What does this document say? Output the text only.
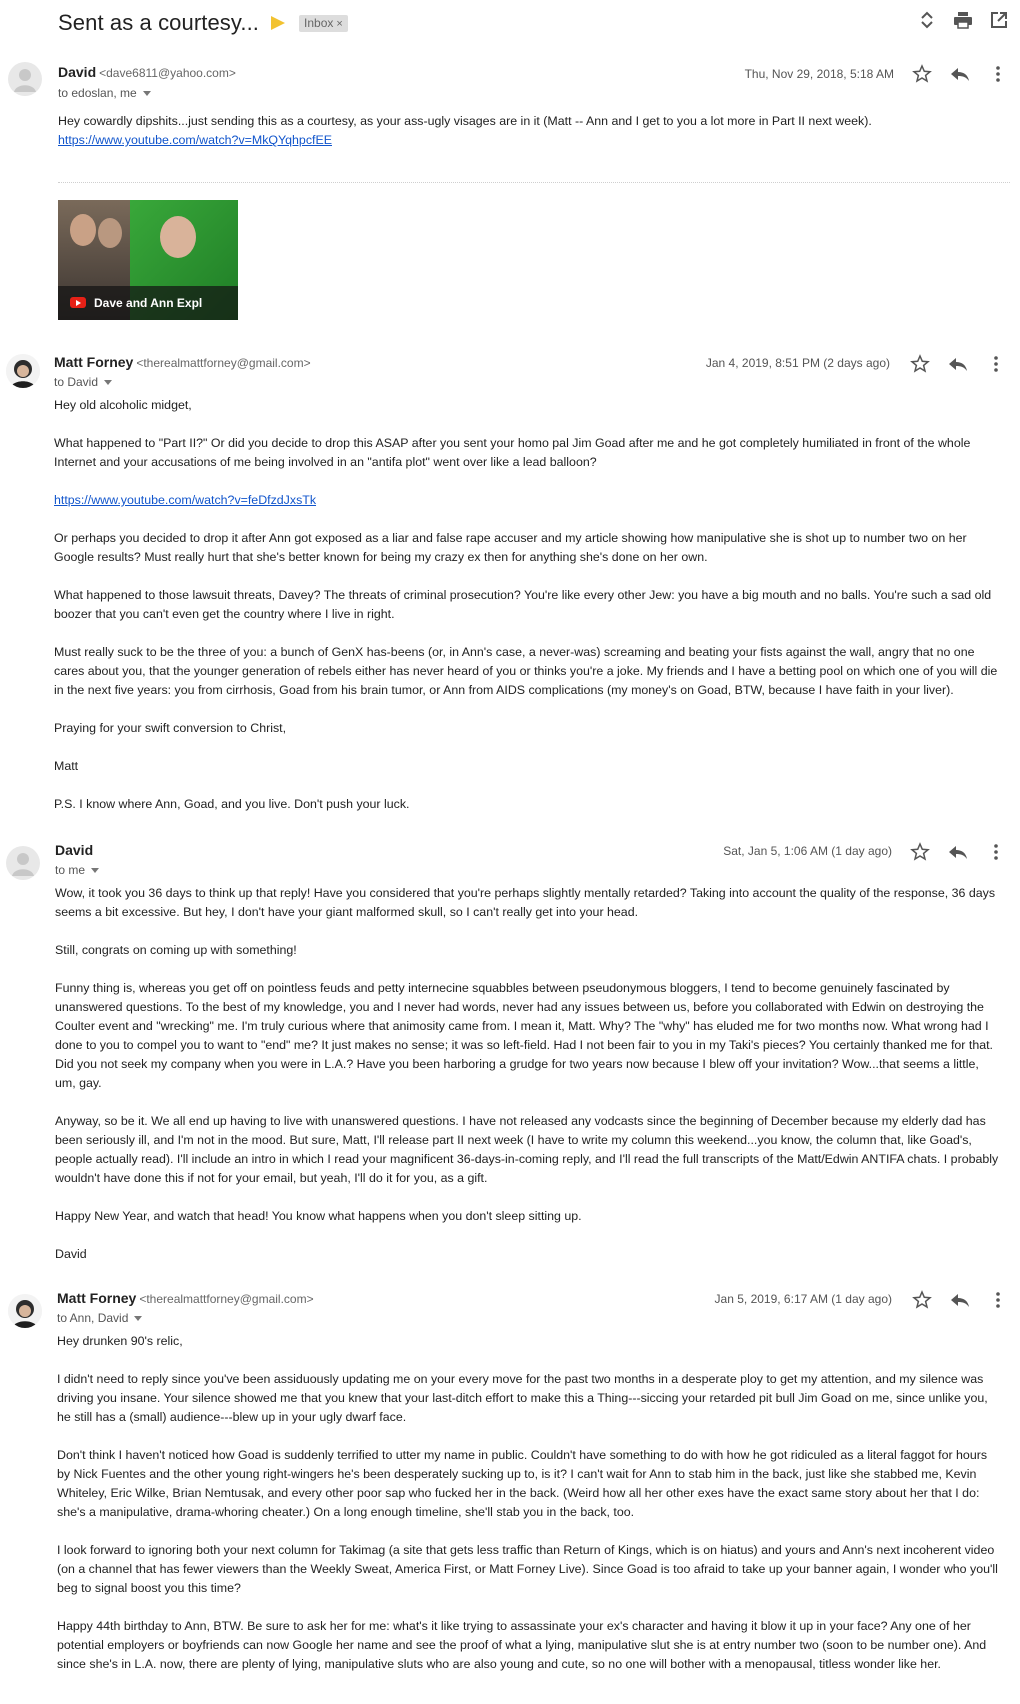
Sent as a courtesy...	Inbox ×
David <dave6811@yahoo.com>
to edoslan, me
Thu, Nov 29, 2018, 5:18 AM

Hey cowardly dipshits...just sending this as a courtesy, as your ass-ugly visages are in it (Matt -- Ann and I get to you a lot more in Part II next week).

https://www.youtube.com/watch?v=MkQYqhpcfEE

Dave and Ann Expl
Matt Forney <therealmattforney@gmail.com>
to David
Jan 4, 2019, 8:51 PM (2 days ago)

Hey old alcoholic midget,

What happened to "Part II?" Or did you decide to drop this ASAP after you sent your homo pal Jim Goad after me and he got completely humiliated in front of the whole Internet and your accusations of me being involved in an "antifa plot" went over like a lead balloon?

https://www.youtube.com/watch?v=feDfzdJxsTk

Or perhaps you decided to drop it after Ann got exposed as a liar and false rape accuser and my article showing how manipulative she is shot up to number two on her Google results? Must really hurt that she's better known for being my crazy ex then for anything she's done on her own.

What happened to those lawsuit threats, Davey? The threats of criminal prosecution? You're like every other Jew: you have a big mouth and no balls. You're such a sad old boozer that you can't even get the country where I live in right.

Must really suck to be the three of you: a bunch of GenX has-beens (or, in Ann's case, a never-was) screaming and beating your fists against the wall, angry that no one cares about you, that the younger generation of rebels either has never heard of you or thinks you're a joke. My friends and I have a betting pool on which one of you will die in the next five years: you from cirrhosis, Goad from his brain tumor, or Ann from AIDS complications (my money's on Goad, BTW, because I have faith in your liver).

Praying for your swift conversion to Christ,

Matt

P.S. I know where Ann, Goad, and you live. Don't push your luck.

David
to me
Sat, Jan 5, 1:06 AM (1 day ago)

Wow, it took you 36 days to think up that reply! Have you considered that you're perhaps slightly mentally retarded? Taking into account the quality of the response, 36 days seems a bit excessive. But hey, I don't have your giant malformed skull, so I can't really get into your head.

Still, congrats on coming up with something!

Funny thing is, whereas you get off on pointless feuds and petty internecine squabbles between pseudonymous bloggers, I tend to become genuinely fascinated by unanswered questions. To the best of my knowledge, you and I never had words, never had any issues between us, before you collaborated with Edwin on destroying the Coulter event and "wrecking" me. I'm truly curious where that animosity came from. I mean it, Matt. Why? The "why" has eluded me for two months now. What wrong had I done to you to compel you to want to "end" me? It just makes no sense; it was so left-field. Had I not been fair to you in my Taki's pieces? You certainly thanked me for that. Did you not seek my company when you were in L.A.? Have you been harboring a grudge for two years now because I blew off your invitation? Wow...that seems a little, um, gay.

Anyway, so be it. We all end up having to live with unanswered questions. I have not released any vodcasts since the beginning of December because my elderly dad has been seriously ill, and I'm not in the mood. But sure, Matt, I'll release part II next week (I have to write my column this weekend...you know, the column that, like Goad's, people actually read). I'll include an intro in which I read your magnificent 36-days-in-coming reply, and I'll read the full transcripts of the Matt/Edwin ANTIFA chats. I probably wouldn't have done this if not for your email, but yeah, I'll do it for you, as a gift.

Happy New Year, and watch that head! You know what happens when you don't sleep sitting up.

David

Matt Forney <therealmattforney@gmail.com>
to Ann, David
Jan 5, 2019, 6:17 AM (1 day ago)

Hey drunken 90's relic,

I didn't need to reply since you've been assiduously updating me on your every move for the past two months in a desperate ploy to get my attention, and my silence was driving you insane. Your silence showed me that you knew that your last-ditch effort to make this a Thing---siccing your retarded pit bull Jim Goad on me, since unlike you, he still has a (small) audience---blew up in your ugly dwarf face.

Don't think I haven't noticed how Goad is suddenly terrified to utter my name in public. Couldn't have something to do with how he got ridiculed as a literal faggot for hours by Nick Fuentes and the other young right-wingers he's been desperately sucking up to, is it? I can't wait for Ann to stab him in the back, just like she stabbed me, Kevin Whiteley, Eric Wilke, Brian Nemtusak, and every other poor sap who fucked her in the back. (Weird how all her other exes have the exact same story about her that I do: she's a manipulative, drama-whoring cheater.) On a long enough timeline, she'll stab you in the back, too.

I look forward to ignoring both your next column for Takimag (a site that gets less traffic than Return of Kings, which is on hiatus) and yours and Ann's next incoherent video (on a channel that has fewer viewers than the Weekly Sweat, America First, or Matt Forney Live). Since Goad is too afraid to take up your banner again, I wonder who you'll beg to signal boost you this time?

Happy 44th birthday to Ann, BTW. Be sure to ask her for me: what's it like trying to assassinate your ex's character and having it blow it up in your face? Any one of her potential employers or boyfriends can now Google her name and see the proof of what a lying, manipulative slut she is at entry number two (soon to be number one). And since she's in L.A. now, there are plenty of lying, manipulative sluts who are also young and cute, so no one will bother with a menopausal, titless wonder like her.
